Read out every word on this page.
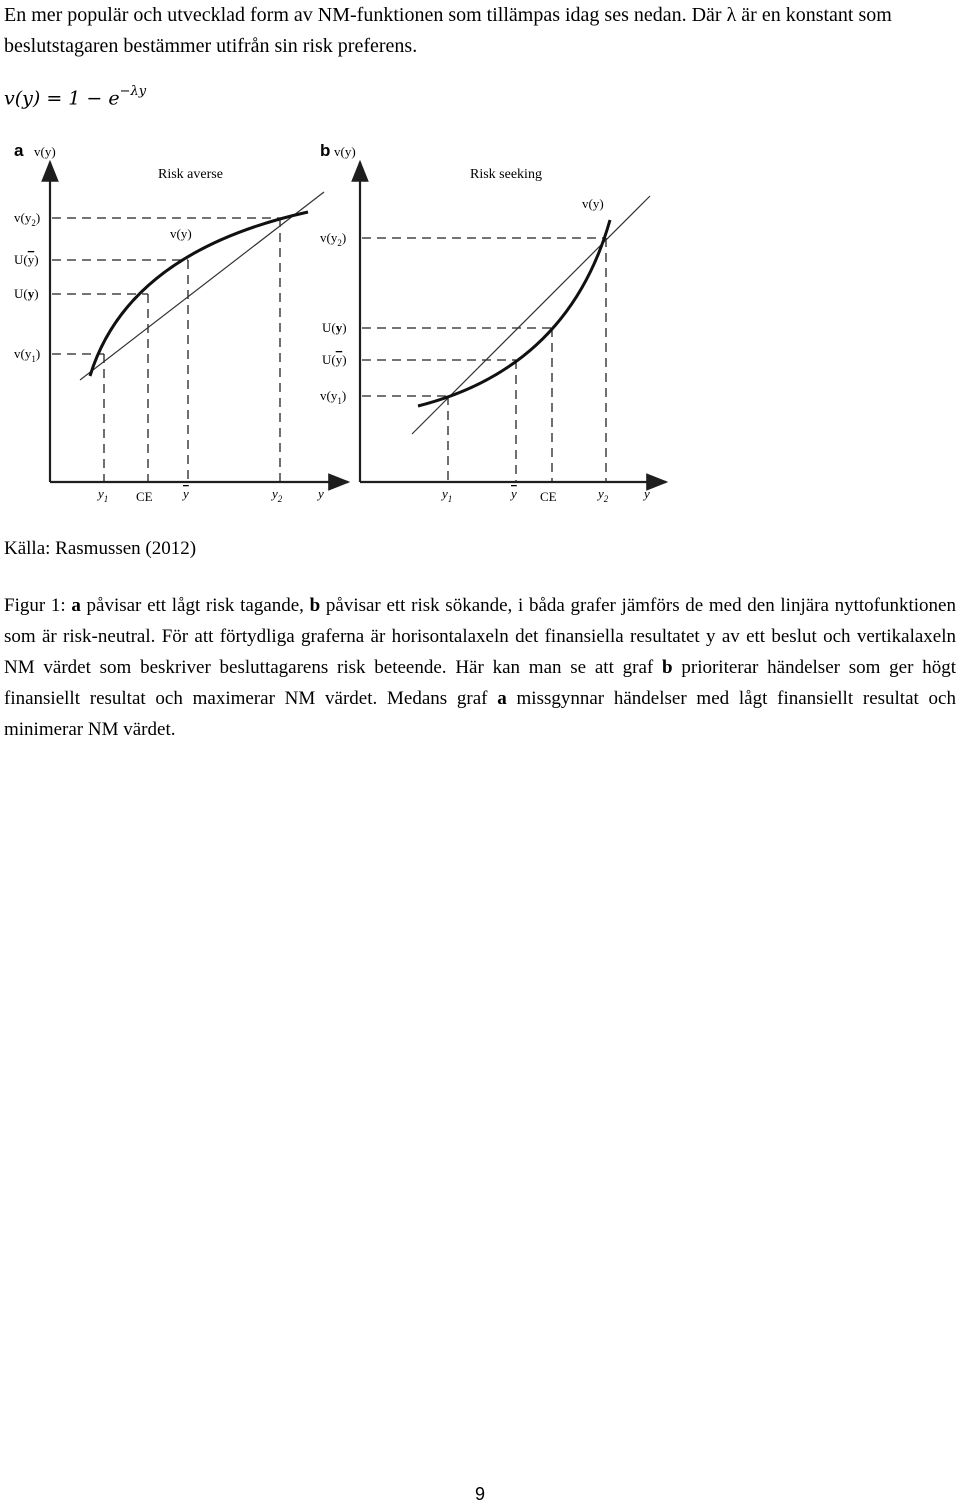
En mer populär och utvecklad form av NM-funktionen som tillämpas idag ses nedan. Där λ är en konstant som beslutstagaren bestämmer utifrån sin risk preferens.

$v(y) = 1 - e^{-\lambda y}$

a v(y)
Risk averse
$v(y_2)$
U(y)
U(y)
$v(y_1)$
v(y)
$y_1$ CE y	$y_2$	y
b v(y)
Risk seeking
$v(y_2)$
U(y)
U(y)
$v(y_1)$
v(y)
$y_1$	y CE	$y_2$	y

Källa: Rasmussen (2012)

Figur 1: a påvisar ett lågt risk tagande, b påvisar ett risk sökande, i båda grafer jämförs de med den linjära nyttofunktionen som är risk-neutral. För att förtydliga graferna är horisontalaxeln det finansiella resultatet y av ett beslut och vertikalaxeln NM värdet som beskriver besluttagarens risk beteende. Här kan man se att graf b prioriterar händelser som ger högt finansiellt resultat och maximerar NM värdet. Medans graf a missgynnar händelser med lågt finansiellt resultat och minimerar NM värdet.

9
